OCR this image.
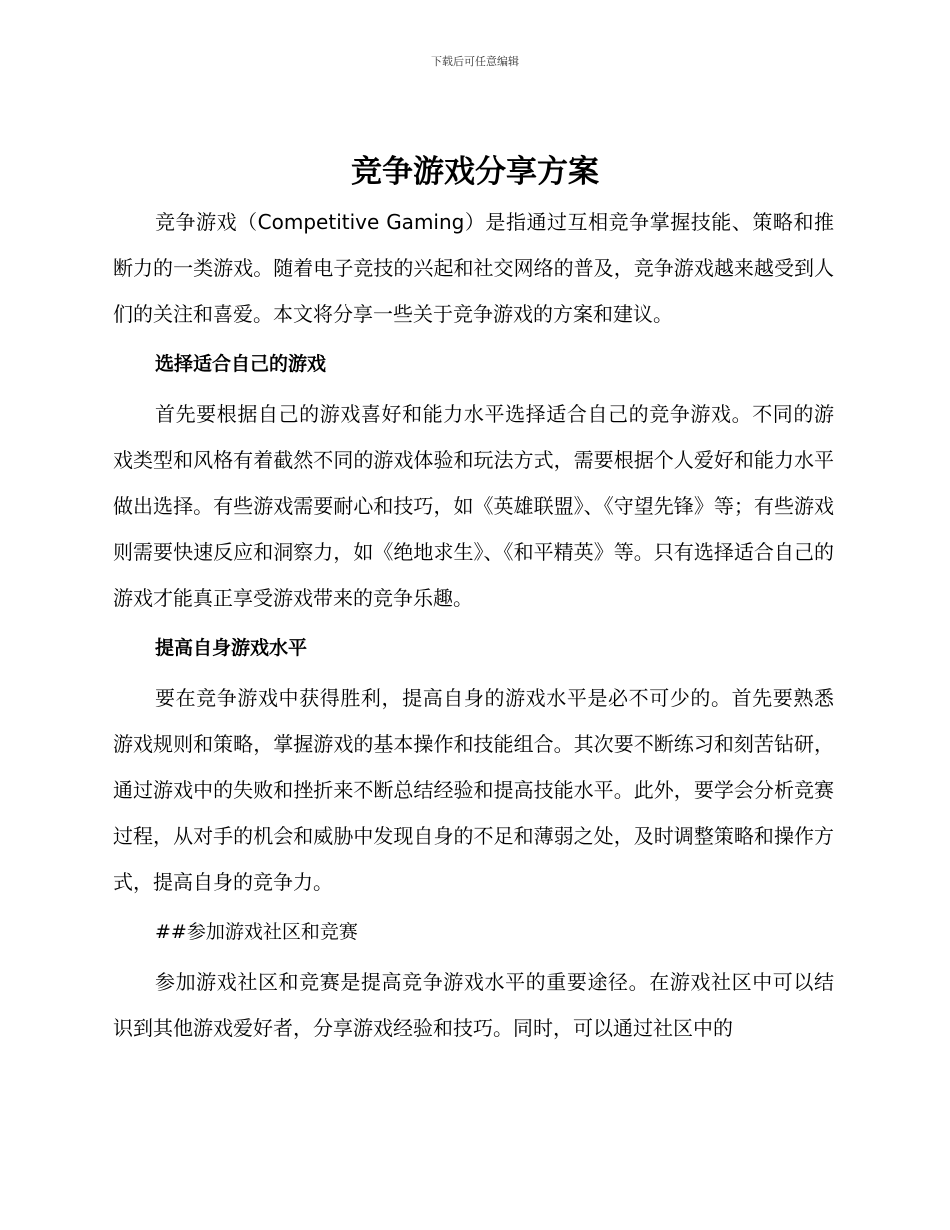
下载后可任意编辑
竞争游戏分享方案

竞争游戏（Competitive Gaming）是指通过互相竞争掌握技能、策略和推断力的一类游戏。随着电子竞技的兴起和社交网络的普及，竞争游戏越来越受到人们的关注和喜爱。本文将分享一些关于竞争游戏的方案和建议。

选择适合自己的游戏

首先要根据自己的游戏喜好和能力水平选择适合自己的竞争游戏。不同的游戏类型和风格有着截然不同的游戏体验和玩法方式，需要根据个人爱好和能力水平做出选择。有些游戏需要耐心和技巧，如《英雄联盟》、《守望先锋》等；有些游戏则需要快速反应和洞察力，如《绝地求生》、《和平精英》等。只有选择适合自己的游戏才能真正享受游戏带来的竞争乐趣。

提高自身游戏水平

要在竞争游戏中获得胜利，提高自身的游戏水平是必不可少的。首先要熟悉游戏规则和策略，掌握游戏的基本操作和技能组合。其次要不断练习和刻苦钻研，通过游戏中的失败和挫折来不断总结经验和提高技能水平。此外，要学会分析竞赛过程，从对手的机会和威胁中发现自身的不足和薄弱之处，及时调整策略和操作方式，提高自身的竞争力。

##参加游戏社区和竞赛

参加游戏社区和竞赛是提高竞争游戏水平的重要途径。在游戏社区中可以结识到其他游戏爱好者，分享游戏经验和技巧。同时，可以通过社区中的
